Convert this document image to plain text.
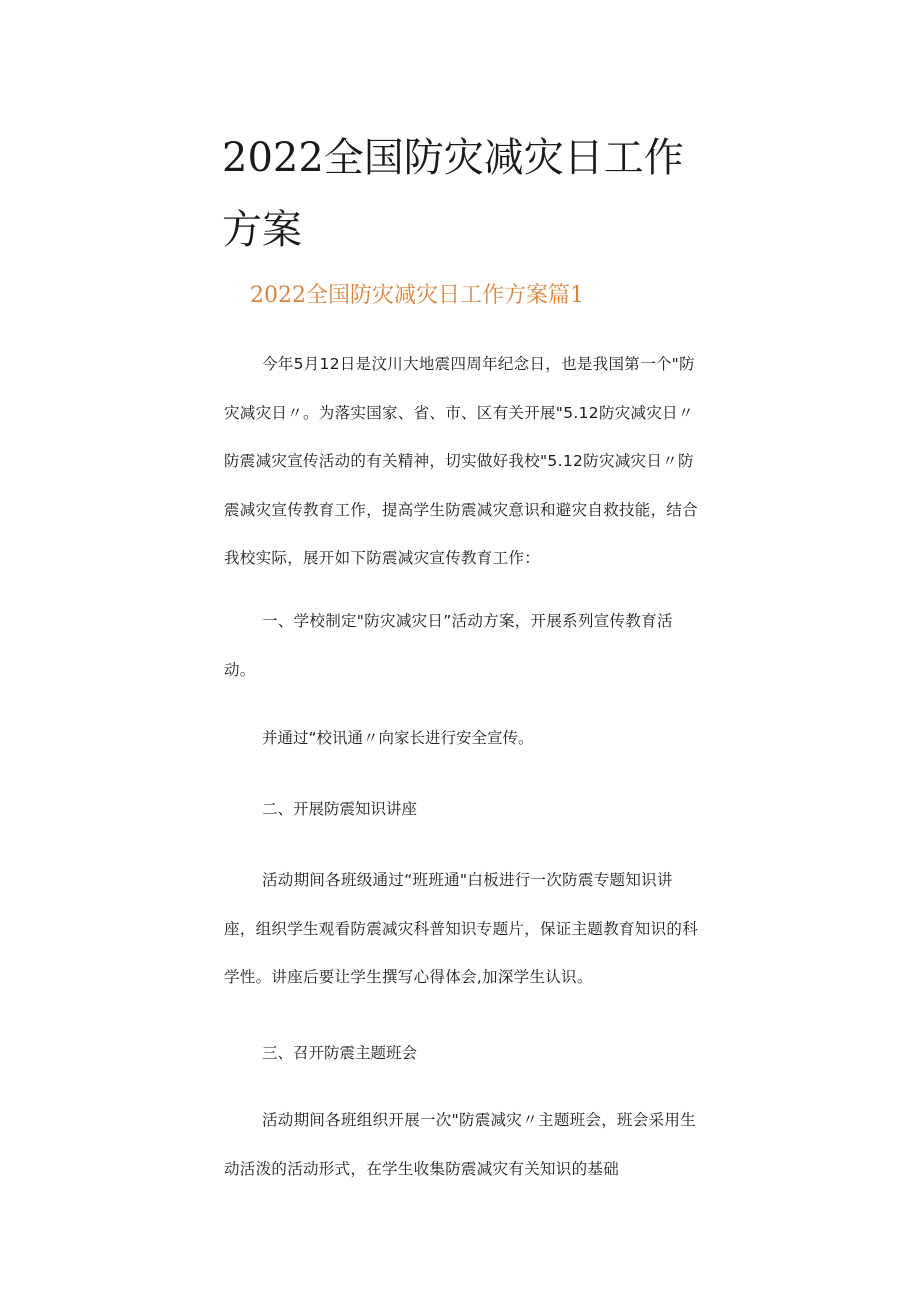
2022全国防灾减灾日工作方案
2022全国防灾减灾日工作方案篇1

今年5月12日是汶川大地震四周年纪念日，也是我国第一个"防灾减灾日〃。为落实国家、省、市、区有关开展"5.12防灾减灾日〃防震减灾宣传活动的有关精神，切实做好我校"5.12防灾减灾日〃防震减灾宣传教育工作，提高学生防震减灾意识和避灾自救技能，结合我校实际，展开如下防震减灾宣传教育工作：

一、学校制定"防灾减灾日”活动方案，开展系列宣传教育活动。

并通过“校讯通〃向家长进行安全宣传。

二、开展防震知识讲座

活动期间各班级通过“班班通"白板进行一次防震专题知识讲座，组织学生观看防震减灾科普知识专题片，保证主题教育知识的科学性。讲座后要让学生撰写心得体会,加深学生认识。

三、召开防震主题班会

活动期间各班组织开展一次"防震减灾〃主题班会，班会采用生动活泼的活动形式，在学生收集防震减灾有关知识的基础
